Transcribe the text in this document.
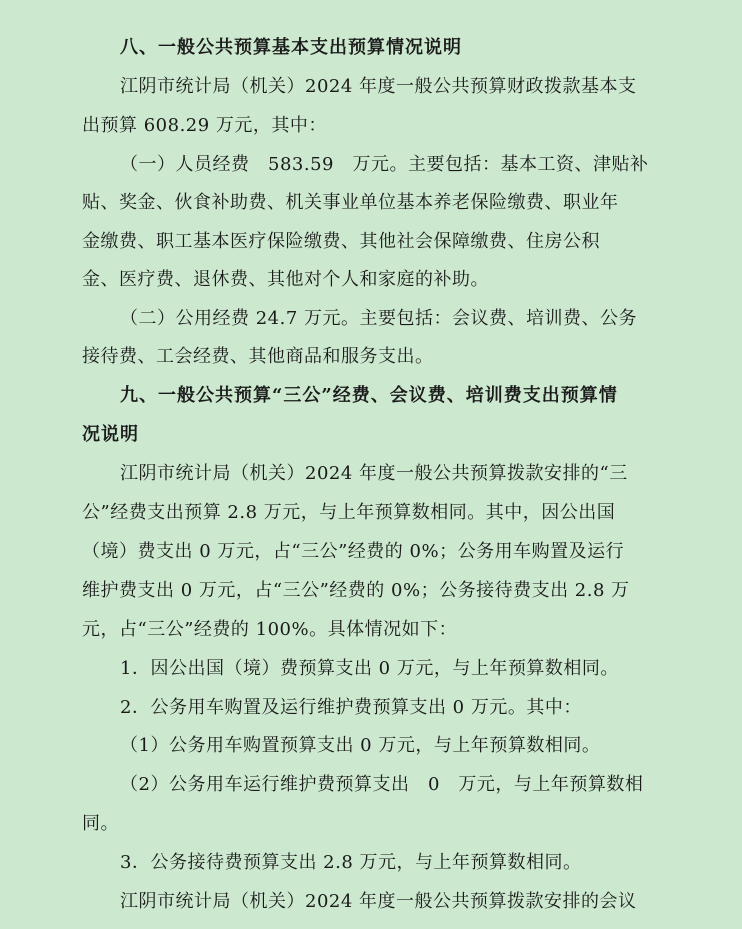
八、一般公共预算基本支出预算情况说明
江阴市统计局（机关）2024 年度一般公共预算财政拨款基本支
出预算 608.29 万元，其中：
（一）人员经费　583.59　万元。主要包括：基本工资、津贴补
贴、奖金、伙食补助费、机关事业单位基本养老保险缴费、职业年
金缴费、职工基本医疗保险缴费、其他社会保障缴费、住房公积
金、医疗费、退休费、其他对个人和家庭的补助。
（二）公用经费 24.7 万元。主要包括：会议费、培训费、公务
接待费、工会经费、其他商品和服务支出。
九、一般公共预算“三公”经费、会议费、培训费支出预算情
况说明
江阴市统计局（机关）2024 年度一般公共预算拨款安排的“三
公”经费支出预算 2.8 万元，与上年预算数相同。其中，因公出国
（境）费支出 0 万元，占“三公”经费的 0%；公务用车购置及运行
维护费支出 0 万元，占“三公”经费的 0%；公务接待费支出 2.8 万
元，占“三公”经费的 100%。具体情况如下：
1．因公出国（境）费预算支出 0 万元，与上年预算数相同。
2．公务用车购置及运行维护费预算支出 0 万元。其中：
（1）公务用车购置预算支出 0 万元，与上年预算数相同。
（2）公务用车运行维护费预算支出　0　万元，与上年预算数相
同。
3．公务接待费预算支出 2.8 万元，与上年预算数相同。
江阴市统计局（机关）2024 年度一般公共预算拨款安排的会议
